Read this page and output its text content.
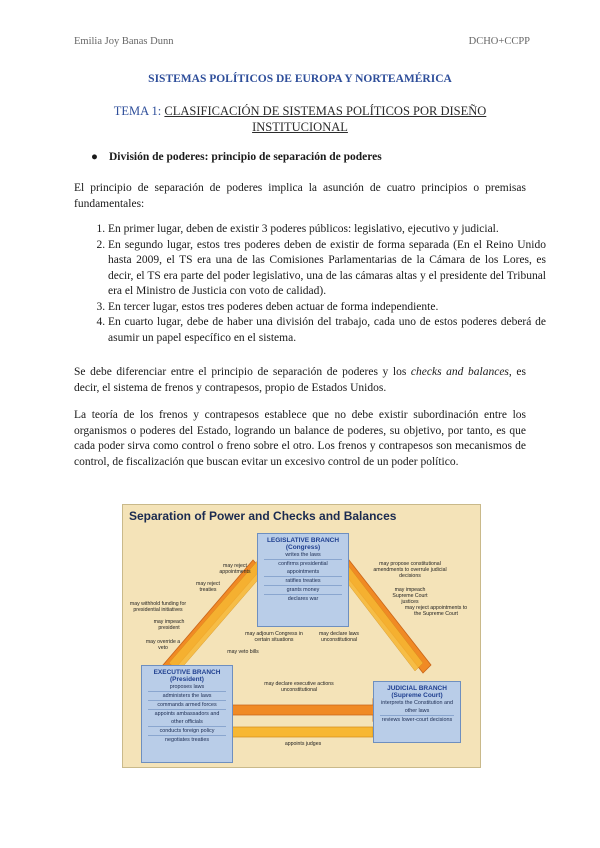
Emilia Joy Banas Dunn	DCHO+CCPP
SISTEMAS POLÍTICOS DE EUROPA Y NORTEAMÉRICA
TEMA 1: CLASIFICACIÓN DE SISTEMAS POLÍTICOS POR DISEÑO INSTITUCIONAL
● División de poderes: principio de separación de poderes
El principio de separación de poderes implica la asunción de cuatro principios o premisas fundamentales:
1. En primer lugar, deben de existir 3 poderes públicos: legislativo, ejecutivo y judicial.
2. En segundo lugar, estos tres poderes deben de existir de forma separada (En el Reino Unido hasta 2009, el TS era una de las Comisiones Parlamentarias de la Cámara de los Lores, es decir, el TS era parte del poder legislativo, una de las cámaras altas y el presidente del Tribunal era el Ministro de Justicia con voto de calidad).
3. En tercer lugar, estos tres poderes deben actuar de forma independiente.
4. En cuarto lugar, debe de haber una división del trabajo, cada uno de estos poderes deberá de asumir un papel específico en el sistema.
Se debe diferenciar entre el principio de separación de poderes y los checks and balances, es decir, el sistema de frenos y contrapesos, propio de Estados Unidos.
La teoría de los frenos y contrapesos establece que no debe existir subordinación entre los organismos o poderes del Estado, logrando un balance de poderes, su objetivo, por tanto, es que cada poder sirva como control o freno sobre el otro. Los frenos y contrapesos son mecanismos de control, de fiscalización que buscan evitar un excesivo control de un poder político.
Separation of Power and Checks and Balances
LEGISLATIVE BRANCH
(Congress)
writes the laws
confirms presidential appointments
ratifies treaties
grants money
declares war
EXECUTIVE BRANCH
(President)
proposes laws
administers the laws
commands armed forces
appoints ambassadors and other officials
conducts foreign policy
negotiates treaties
JUDICIAL BRANCH
(Supreme Court)
interprets the Constitution and other laws
reviews lower-court decisions
may reject appointments
may reject treaties
may withhold funding for presidential initiatives
may impeach president
may override a veto
may propose constitutional amendments to overrule judicial decisions
may impeach Supreme Court justices
may reject appointments to the Supreme Court
may adjourn Congress in certain situations
may veto bills
may declare laws unconstitutional
may declare executive actions unconstitutional
appoints judges
